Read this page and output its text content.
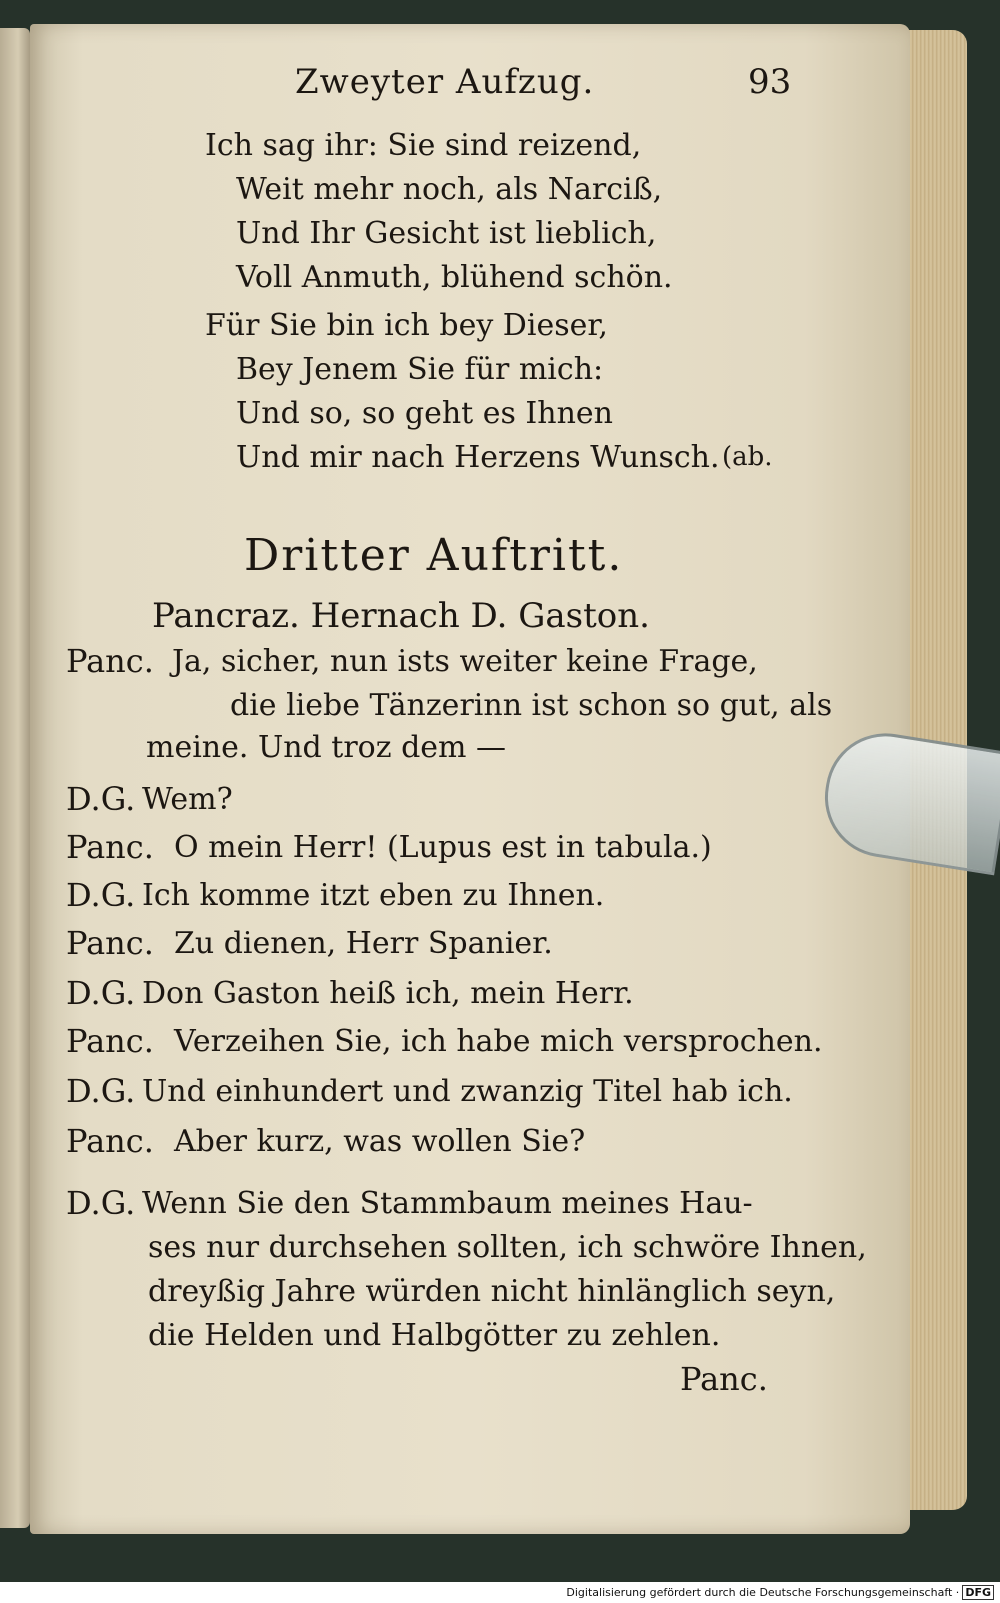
Zweyter Aufzug.	93
Ich sag ihr: Sie sind reizend,
Weit mehr noch, als Narciß,
Und Ihr Gesicht ist lieblich,
Voll Anmuth, blühend schön.
Für Sie bin ich bey Dieser,
Bey Jenem Sie für mich:
Und so, so geht es Ihnen
Und mir nach Herzens Wunsch. (ab.
Dritter Auftritt.
Pancraz. Hernach D. Gaston.
Panc. Ja, sicher, nun ists weiter keine Frage,
die liebe Tänzerinn ist schon so gut, als
meine. Und troz dem —
D.G. Wem?
Panc. O mein Herr! (Lupus est in tabula.)
D.G. Ich komme itzt eben zu Ihnen.
Panc. Zu dienen, Herr Spanier.
D.G. Don Gaston heiß ich, mein Herr.
Panc. Verzeihen Sie, ich habe mich versprochen.
D.G. Und einhundert und zwanzig Titel hab ich.
Panc. Aber kurz, was wollen Sie?
D.G. Wenn Sie den Stammbaum meines Hau-
ses nur durchsehen sollten, ich schwöre Ihnen,
dreyßig Jahre würden nicht hinlänglich seyn,
die Helden und Halbgötter zu zehlen.
Panc.
Digitalisierung gefördert durch die Deutsche Forschungsgemeinschaft · DFG
